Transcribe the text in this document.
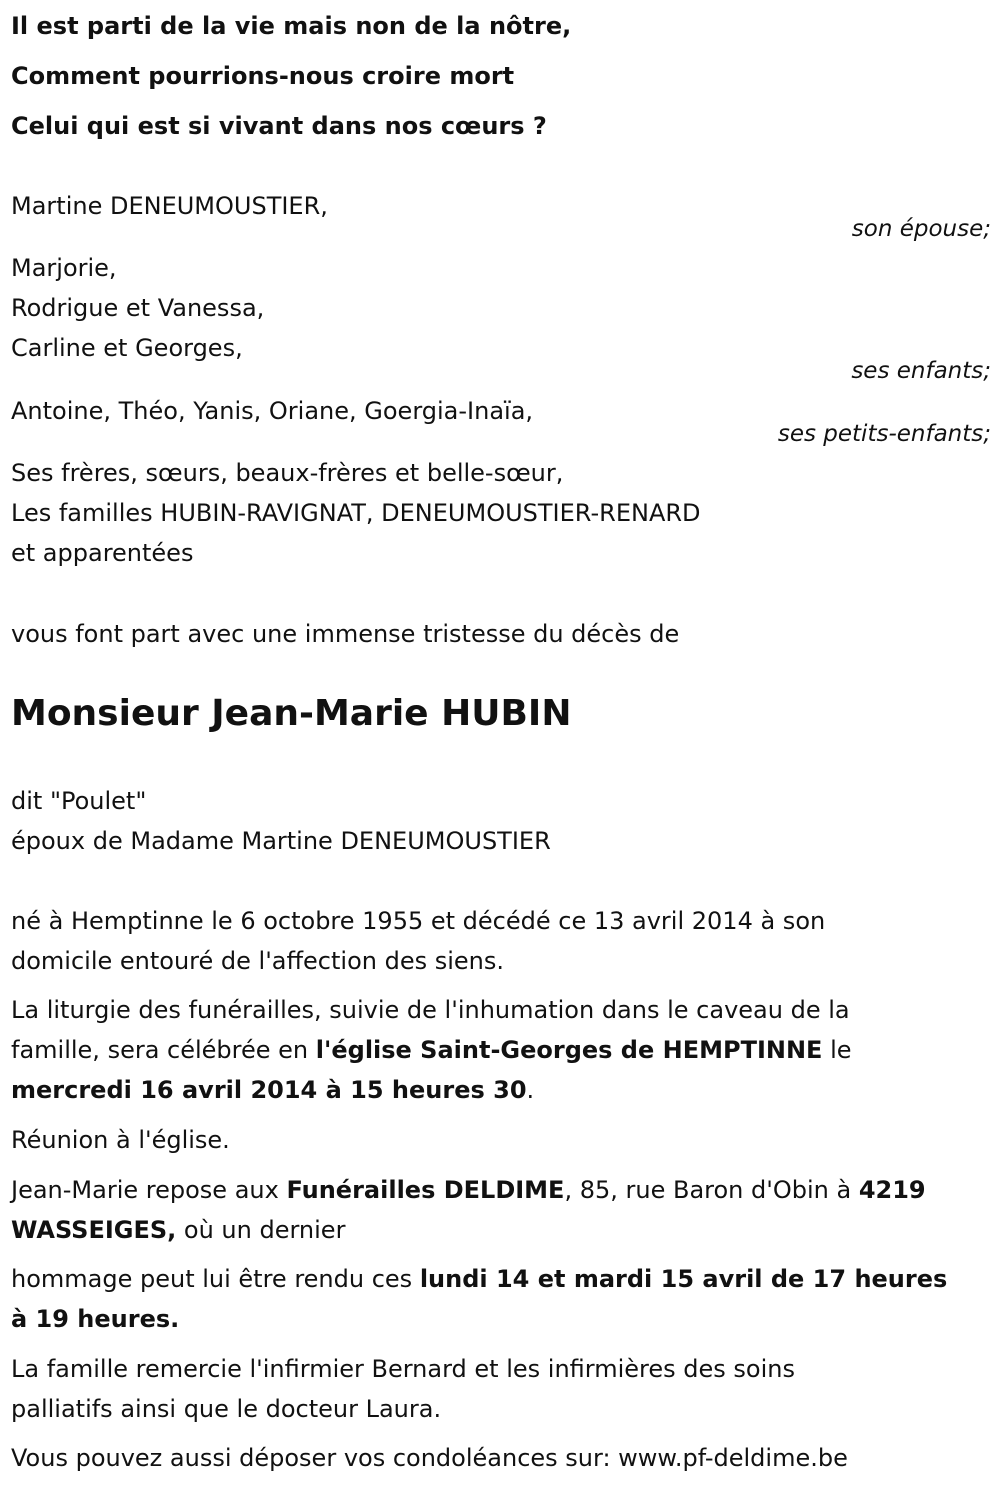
Il est parti de la vie mais non de la nôtre,
Comment pourrions-nous croire mort
Celui qui est si vivant dans nos cœurs ?
Martine DENEUMOUSTIER,
son épouse;
Marjorie,
Rodrigue et Vanessa,
Carline et Georges,
ses enfants;
Antoine, Théo, Yanis, Oriane, Goergia-Inaïa,
ses petits-enfants;
Ses frères, sœurs, beaux-frères et belle-sœur,
Les familles HUBIN-RAVIGNAT, DENEUMOUSTIER-RENARD
et apparentées
vous font part avec une immense tristesse du décès de
Monsieur Jean-Marie HUBIN
dit "Poulet"
époux de Madame Martine DENEUMOUSTIER
né à Hemptinne le 6 octobre 1955 et décédé ce 13 avril 2014 à son
domicile entouré de l'affection des siens.
La liturgie des funérailles, suivie de l'inhumation dans le caveau de la
famille, sera célébrée en l'église Saint-Georges de HEMPTINNE le
mercredi 16 avril 2014 à 15 heures 30.
Réunion à l'église.
Jean-Marie repose aux Funérailles DELDIME, 85, rue Baron d'Obin à 4219
WASSEIGES, où un dernier
hommage peut lui être rendu ces lundi 14 et mardi 15 avril de 17 heures
à 19 heures.
La famille remercie l'infirmier Bernard et les infirmières des soins
palliatifs ainsi que le docteur Laura.
Vous pouvez aussi déposer vos condoléances sur: www.pf-deldime.be
